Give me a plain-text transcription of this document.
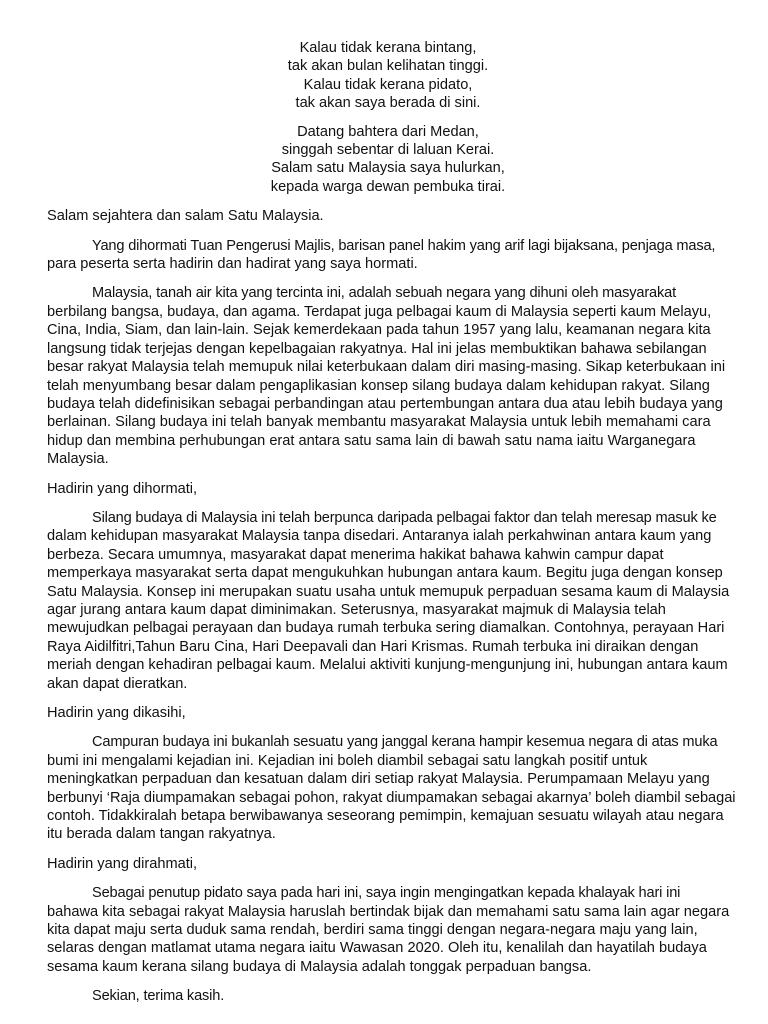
Kalau tidak kerana bintang,
tak akan bulan kelihatan tinggi.
Kalau tidak kerana pidato,
tak akan saya berada di sini.
Datang bahtera dari Medan,
singgah sebentar di laluan Kerai.
Salam satu Malaysia saya hulurkan,
kepada warga dewan pembuka tirai.

Salam sejahtera dan salam Satu Malaysia.

Yang dihormati Tuan Pengerusi Majlis, barisan panel hakim yang arif lagi bijaksana, penjaga masa,
para peserta serta hadirin dan hadirat yang saya hormati.
Malaysia, tanah air kita yang tercinta ini, adalah sebuah negara yang dihuni oleh masyarakat
berbilang bangsa, budaya, dan agama. Terdapat juga pelbagai kaum di Malaysia seperti kaum Melayu,
Cina, India, Siam, dan lain-lain. Sejak kemerdekaan pada tahun 1957 yang lalu, keamanan negara kita
langsung tidak terjejas dengan kepelbagaian rakyatnya. Hal ini jelas membuktikan bahawa sebilangan
besar rakyat Malaysia telah memupuk nilai keterbukaan dalam diri masing-masing. Sikap keterbukaan ini
telah menyumbang besar dalam pengaplikasian konsep silang budaya dalam kehidupan rakyat. Silang
budaya telah didefinisikan sebagai perbandingan atau pertembungan antara dua atau lebih budaya yang
berlainan. Silang budaya ini telah banyak membantu masyarakat Malaysia untuk lebih memahami cara
hidup dan membina perhubungan erat antara satu sama lain di bawah satu nama iaitu Warganegara
Malaysia.

Hadirin yang dihormati,

Silang budaya di Malaysia ini telah berpunca daripada pelbagai faktor dan telah meresap masuk ke
dalam kehidupan masyarakat Malaysia tanpa disedari. Antaranya ialah perkahwinan antara kaum yang
berbeza. Secara umumnya, masyarakat dapat menerima hakikat bahawa kahwin campur dapat
memperkaya masyarakat serta dapat mengukuhkan hubungan antara kaum. Begitu juga dengan konsep
Satu Malaysia. Konsep ini merupakan suatu usaha untuk memupuk perpaduan sesama kaum di Malaysia
agar jurang antara kaum dapat diminimakan. Seterusnya, masyarakat majmuk di Malaysia telah
mewujudkan pelbagai perayaan dan budaya rumah terbuka sering diamalkan. Contohnya, perayaan Hari
Raya Aidilfitri,Tahun Baru Cina, Hari Deepavali dan Hari Krismas. Rumah terbuka ini diraikan dengan
meriah dengan kehadiran pelbagai kaum. Melalui aktiviti kunjung-mengunjung ini, hubungan antara kaum
akan dapat dieratkan.

Hadirin yang dikasihi,

Campuran budaya ini bukanlah sesuatu yang janggal kerana hampir kesemua negara di atas muka
bumi ini mengalami kejadian ini. Kejadian ini boleh diambil sebagai satu langkah positif untuk
meningkatkan perpaduan dan kesatuan dalam diri setiap rakyat Malaysia. Perumpamaan Melayu yang
berbunyi ‘Raja diumpamakan sebagai pohon, rakyat diumpamakan sebagai akarnya’ boleh diambil sebagai
contoh. Tidakkiralah betapa berwibawanya seseorang pemimpin, kemajuan sesuatu wilayah atau negara
itu berada dalam tangan rakyatnya.

Hadirin yang dirahmati,

Sebagai penutup pidato saya pada hari ini, saya ingin mengingatkan kepada khalayak hari ini
bahawa kita sebagai rakyat Malaysia haruslah bertindak bijak dan memahami satu sama lain agar negara
kita dapat maju serta duduk sama rendah, berdiri sama tinggi dengan negara-negara maju yang lain,
selaras dengan matlamat utama negara iaitu Wawasan 2020. Oleh itu, kenalilah dan hayatilah budaya
sesama kaum kerana silang budaya di Malaysia adalah tonggak perpaduan bangsa.
Sekian, terima kasih.
